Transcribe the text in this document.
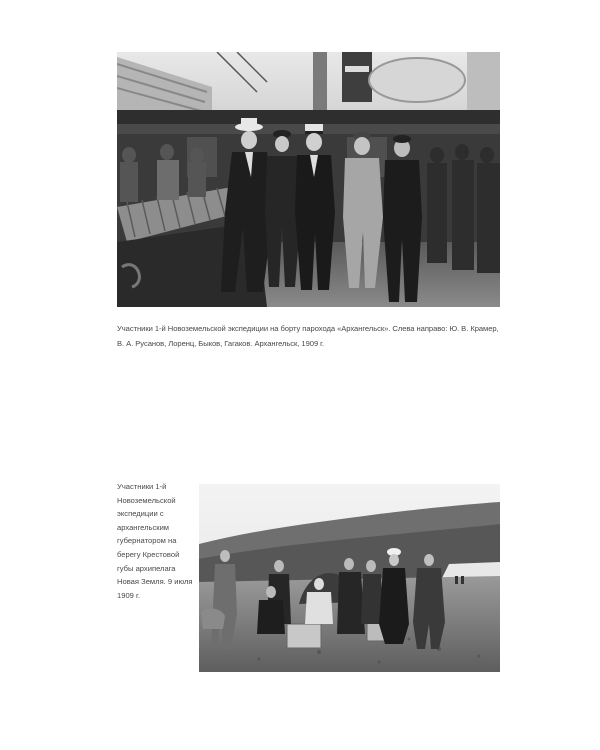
Участники 1-й Новоземельской экспедиции на борту парохода «Архангельск». Слева направо: Ю. В. Крамер, В. А. Русанов, Лоренц, Быков, Гагаков. Архангельск, 1909 г.
Участники 1-й Новоземельской экспедиции с архангельским губернатором на берегу Крестовой губы архипелага Новая Земля. 9 июля 1909 г.
